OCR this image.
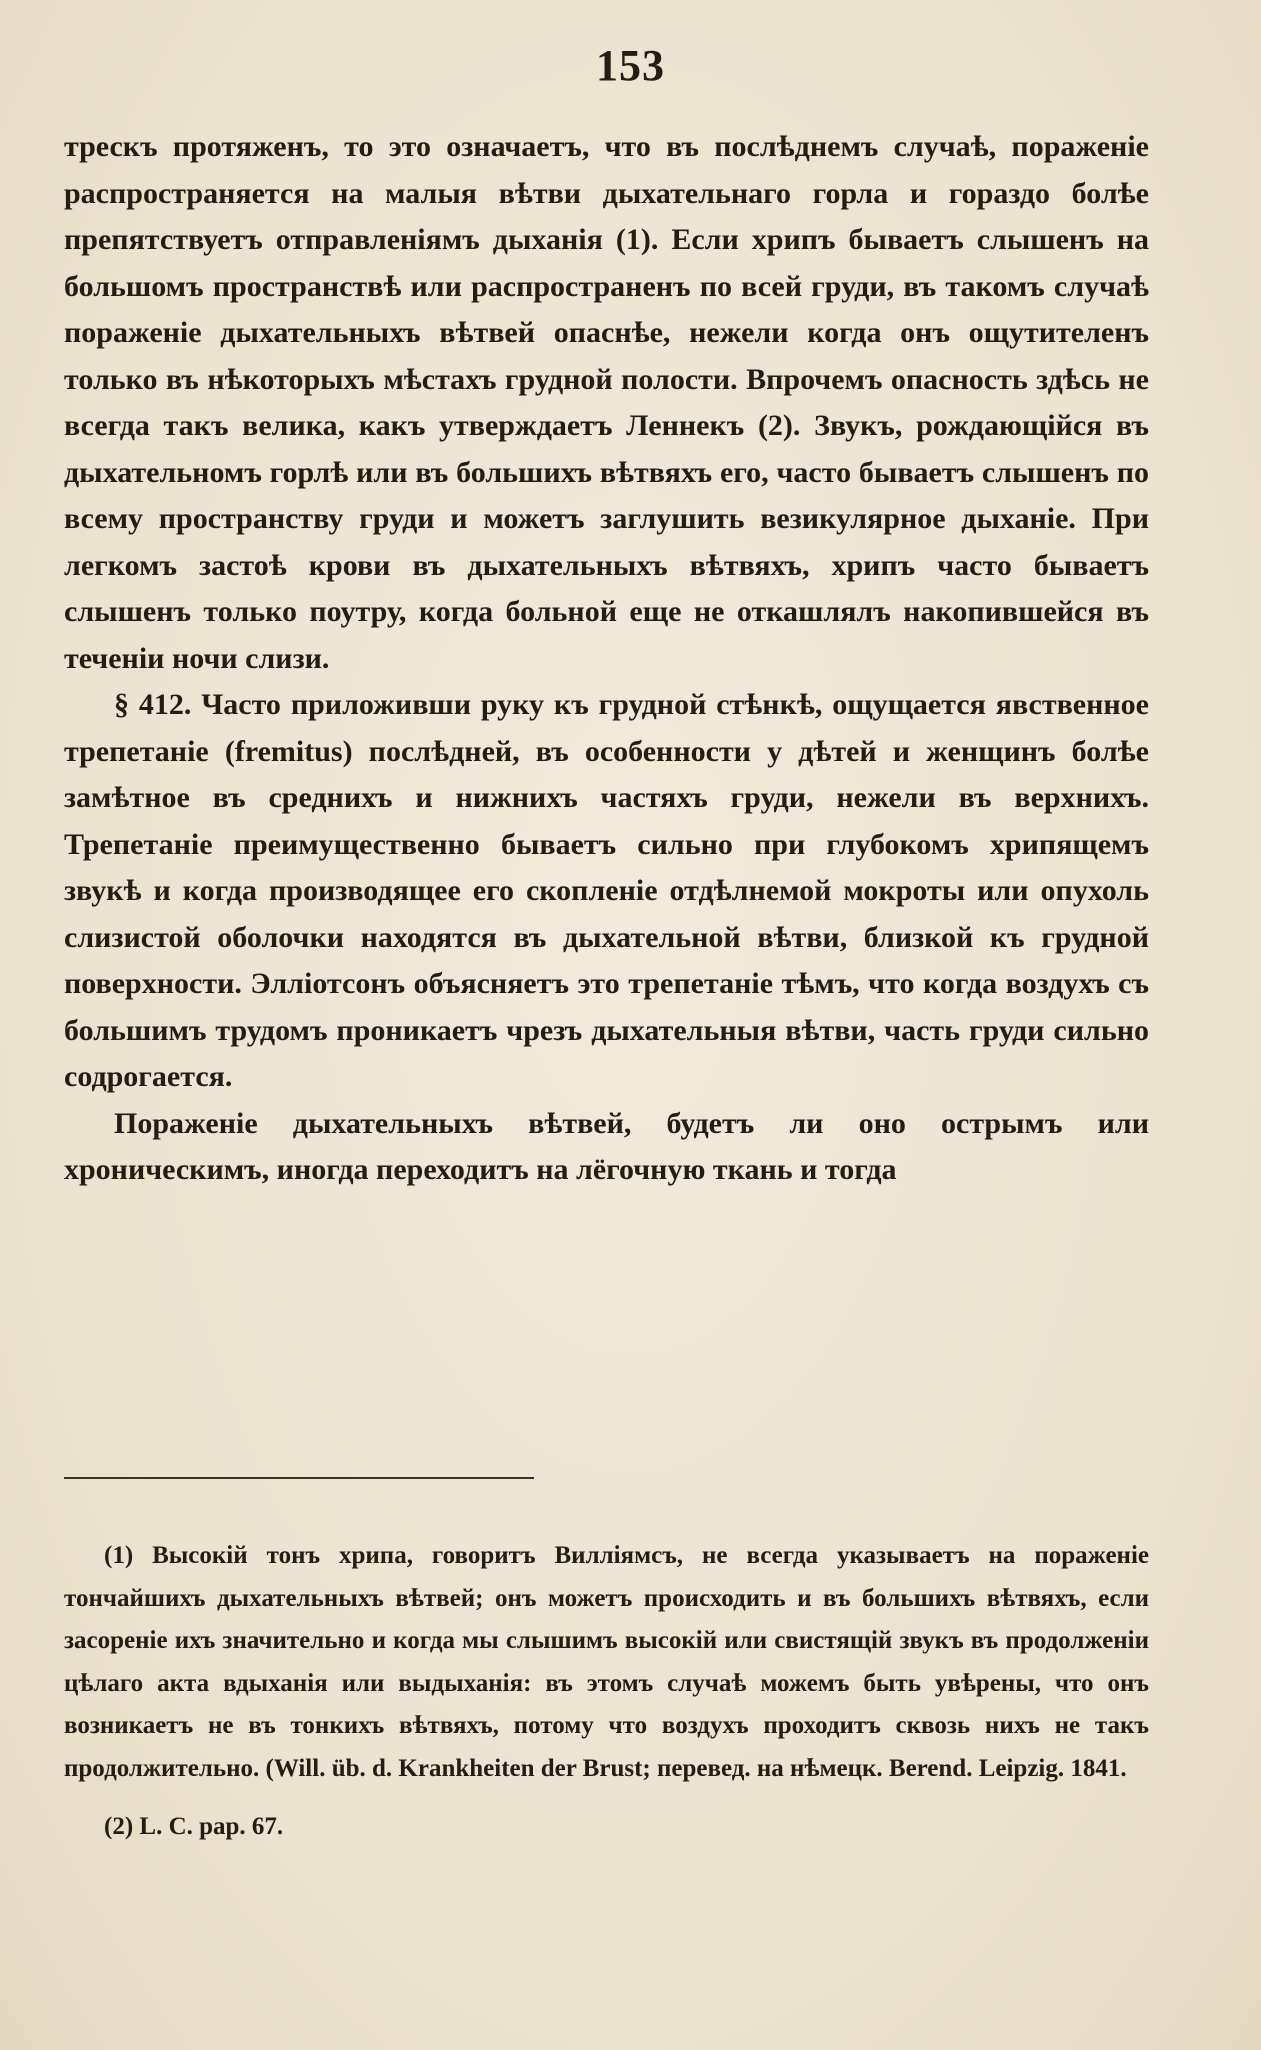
153

трескъ протяженъ, то это означаетъ, что въ послѣднемъ случаѣ, пораженіе распространяется на малыя вѣтви дыхательнаго горла и гораздо болѣе препятствуетъ отправленіямъ дыханія (1). Если хрипъ бываетъ слышенъ на большомъ пространствѣ или распространенъ по всей груди, въ такомъ случаѣ пораженіе дыхательныхъ вѣтвей опаснѣе, нежели когда онъ ощутителенъ только въ нѣкоторыхъ мѣстахъ грудной полости. Впрочемъ опасность здѣсь не всегда такъ велика, какъ утверждаетъ Леннекъ (2). Звукъ, рождающійся въ дыхательномъ горлѣ или въ большихъ вѣтвяхъ его, часто бываетъ слышенъ по всему пространству груди и можетъ заглушить везикулярное дыханіе. При легкомъ застоѣ крови въ дыхательныхъ вѣтвяхъ, хрипъ часто бываетъ слышенъ только поутру, когда больной еще не откашлялъ накопившейся въ теченіи ночи слизи.

§ 412. Часто приложивши руку къ грудной стѣнкѣ, ощущается явственное трепетаніе (fremitus) послѣдней, въ особенности у дѣтей и женщинъ болѣе замѣтное въ среднихъ и нижнихъ частяхъ груди, нежели въ верхнихъ. Трепетаніе преимущественно бываетъ сильно при глубокомъ хрипящемъ звукѣ и когда производящее его скопленіе отдѣлнемой мокроты или опухоль слизистой оболочки находятся въ дыхательной вѣтви, близкой къ грудной поверхности. Эллiотсонъ объясняетъ это трепетаніе тѣмъ, что когда воздухъ съ большимъ трудомъ проникаетъ чрезъ дыхательныя вѣтви, часть груди сильно содрогается.

Пораженіе дыхательныхъ вѣтвей, будетъ ли оно острымъ или хроническимъ, иногда переходитъ на лёгочную ткань и тогда

(1) Высокій тонъ хрипа, говоритъ Вилліямсъ, не всегда указываетъ на пораженіе тончайшихъ дыхательныхъ вѣтвей; онъ можетъ происходить и въ большихъ вѣтвяхъ, если засореніе ихъ значительно и когда мы слышимъ высокій или свистящій звукъ въ продолженіи цѣлаго акта вдыханія или выдыханія: въ этомъ случаѣ можемъ быть увѣрены, что онъ возникаетъ не въ тонкихъ вѣтвяхъ, потому что воздухъ проходитъ сквозь нихъ не такъ продолжительно. (Will. üb. d. Krankheiten der Brust; перевед. на нѣмецк. Berend. Leipzig. 1841.

(2) L. C. pap. 67.
